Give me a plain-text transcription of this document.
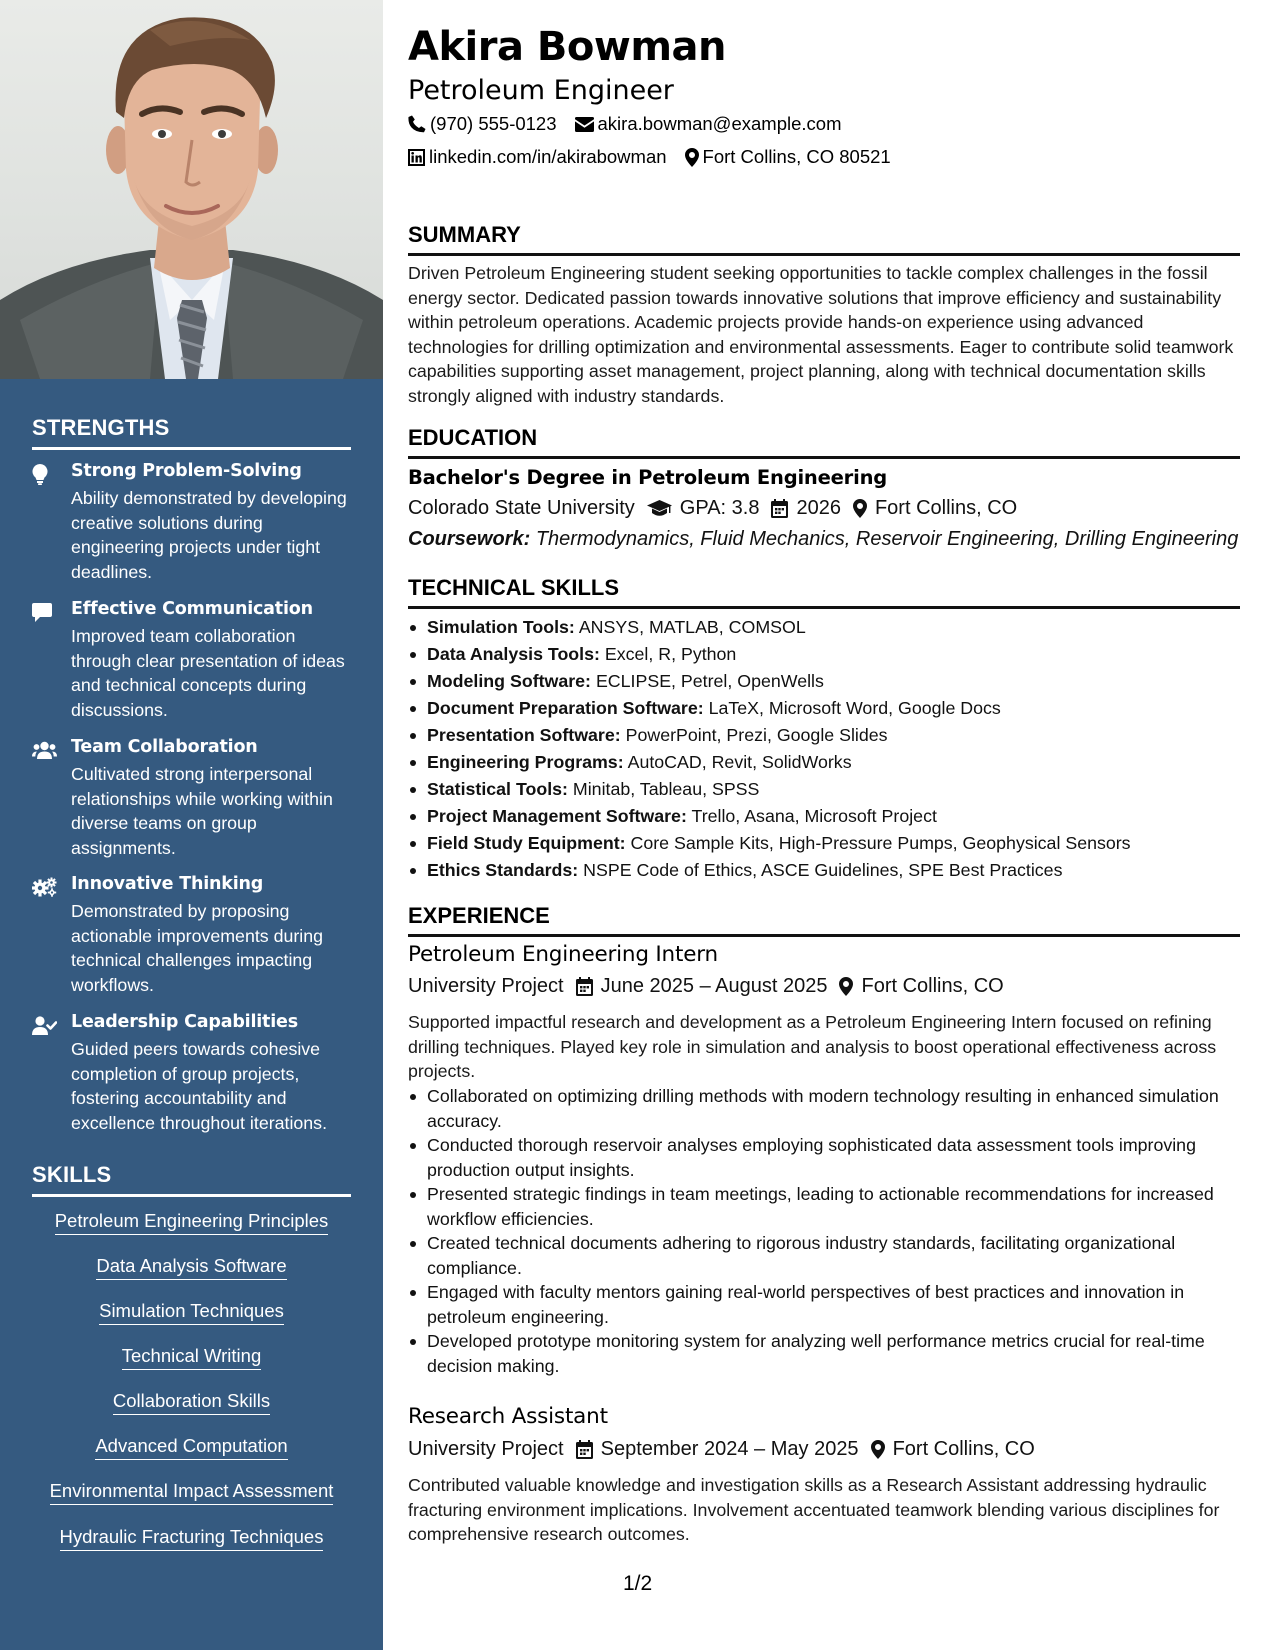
STRENGTHS
Strong Problem-Solving
Ability demonstrated by developing creative solutions during engineering projects under tight deadlines.
Effective Communication
Improved team collaboration through clear presentation of ideas and technical concepts during discussions.
Team Collaboration
Cultivated strong interpersonal relationships while working within diverse teams on group assignments.
Innovative Thinking
Demonstrated by proposing actionable improvements during technical challenges impacting workflows.
Leadership Capabilities
Guided peers towards cohesive completion of group projects, fostering accountability and excellence throughout iterations.
SKILLS
Petroleum Engineering Principles
Data Analysis Software
Simulation Techniques
Technical Writing
Collaboration Skills
Advanced Computation
Environmental Impact Assessment
Hydraulic Fracturing Techniques
Akira Bowman
Petroleum Engineer
(970) 555-0123 akira.bowman@example.com
linkedin.com/in/akirabowman Fort Collins, CO 80521
SUMMARY
Driven Petroleum Engineering student seeking opportunities to tackle complex challenges in the fossil energy sector. Dedicated passion towards innovative solutions that improve efficiency and sustainability within petroleum operations. Academic projects provide hands-on experience using advanced technologies for drilling optimization and environmental assessments. Eager to contribute solid teamwork capabilities supporting asset management, project planning, along with technical documentation skills strongly aligned with industry standards.
EDUCATION
Bachelor's Degree in Petroleum Engineering
Colorado State University GPA: 3.8 2026 Fort Collins, CO
Coursework: Thermodynamics, Fluid Mechanics, Reservoir Engineering, Drilling Engineering
TECHNICAL SKILLS
Simulation Tools: ANSYS, MATLAB, COMSOL
Data Analysis Tools: Excel, R, Python
Modeling Software: ECLIPSE, Petrel, OpenWells
Document Preparation Software: LaTeX, Microsoft Word, Google Docs
Presentation Software: PowerPoint, Prezi, Google Slides
Engineering Programs: AutoCAD, Revit, SolidWorks
Statistical Tools: Minitab, Tableau, SPSS
Project Management Software: Trello, Asana, Microsoft Project
Field Study Equipment: Core Sample Kits, High-Pressure Pumps, Geophysical Sensors
Ethics Standards: NSPE Code of Ethics, ASCE Guidelines, SPE Best Practices
EXPERIENCE
Petroleum Engineering Intern
University Project June 2025 – August 2025 Fort Collins, CO
Supported impactful research and development as a Petroleum Engineering Intern focused on refining drilling techniques. Played key role in simulation and analysis to boost operational effectiveness across projects.
Collaborated on optimizing drilling methods with modern technology resulting in enhanced simulation accuracy.
Conducted thorough reservoir analyses employing sophisticated data assessment tools improving production output insights.
Presented strategic findings in team meetings, leading to actionable recommendations for increased workflow efficiencies.
Created technical documents adhering to rigorous industry standards, facilitating organizational compliance.
Engaged with faculty mentors gaining real-world perspectives of best practices and innovation in petroleum engineering.
Developed prototype monitoring system for analyzing well performance metrics crucial for real-time decision making.
Research Assistant
University Project September 2024 – May 2025 Fort Collins, CO
Contributed valuable knowledge and investigation skills as a Research Assistant addressing hydraulic fracturing environment implications. Involvement accentuated teamwork blending various disciplines for comprehensive research outcomes.
1/2
